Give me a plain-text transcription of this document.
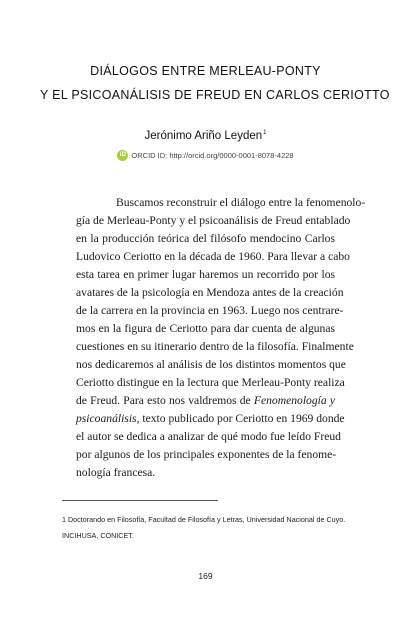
DIÁLOGOS ENTRE MERLEAU-PONTY
Y EL PSICOANÁLISIS DE FREUD EN CARLOS CERIOTTO
Jerónimo Ariño Leyden$^1$
iD ORCID ID: http://orcid.org/0000-0001-8078-4228
Buscamos reconstruir el diálogo entre la fenomenolo-
gía de Merleau-Ponty y el psicoanálisis de Freud entablado
en la producción teórica del filósofo mendocino Carlos
Ludovico Ceriotto en la década de 1960. Para llevar a cabo
esta tarea en primer lugar haremos un recorrido por los
avatares de la psicología en Mendoza antes de la creación
de la carrera en la provincia en 1963. Luego nos centrare-
mos en la figura de Ceriotto para dar cuenta de algunas
cuestiones en su itinerario dentro de la filosofía. Finalmente
nos dedicaremos al análisis de los distintos momentos que
Ceriotto distingue en la lectura que Merleau-Ponty realiza
de Freud. Para esto nos valdremos de Fenomenología y
psicoanálisis, texto publicado por Ceriotto en 1969 donde
el autor se dedica a analizar de qué modo fue leído Freud
por algunos de los principales exponentes de la fenome-
nología francesa.
1 Doctorando en Filosofía, Facultad de Filosofía y Letras, Universidad Nacional de Cuyo.
INCIHUSA, CONICET.
169
